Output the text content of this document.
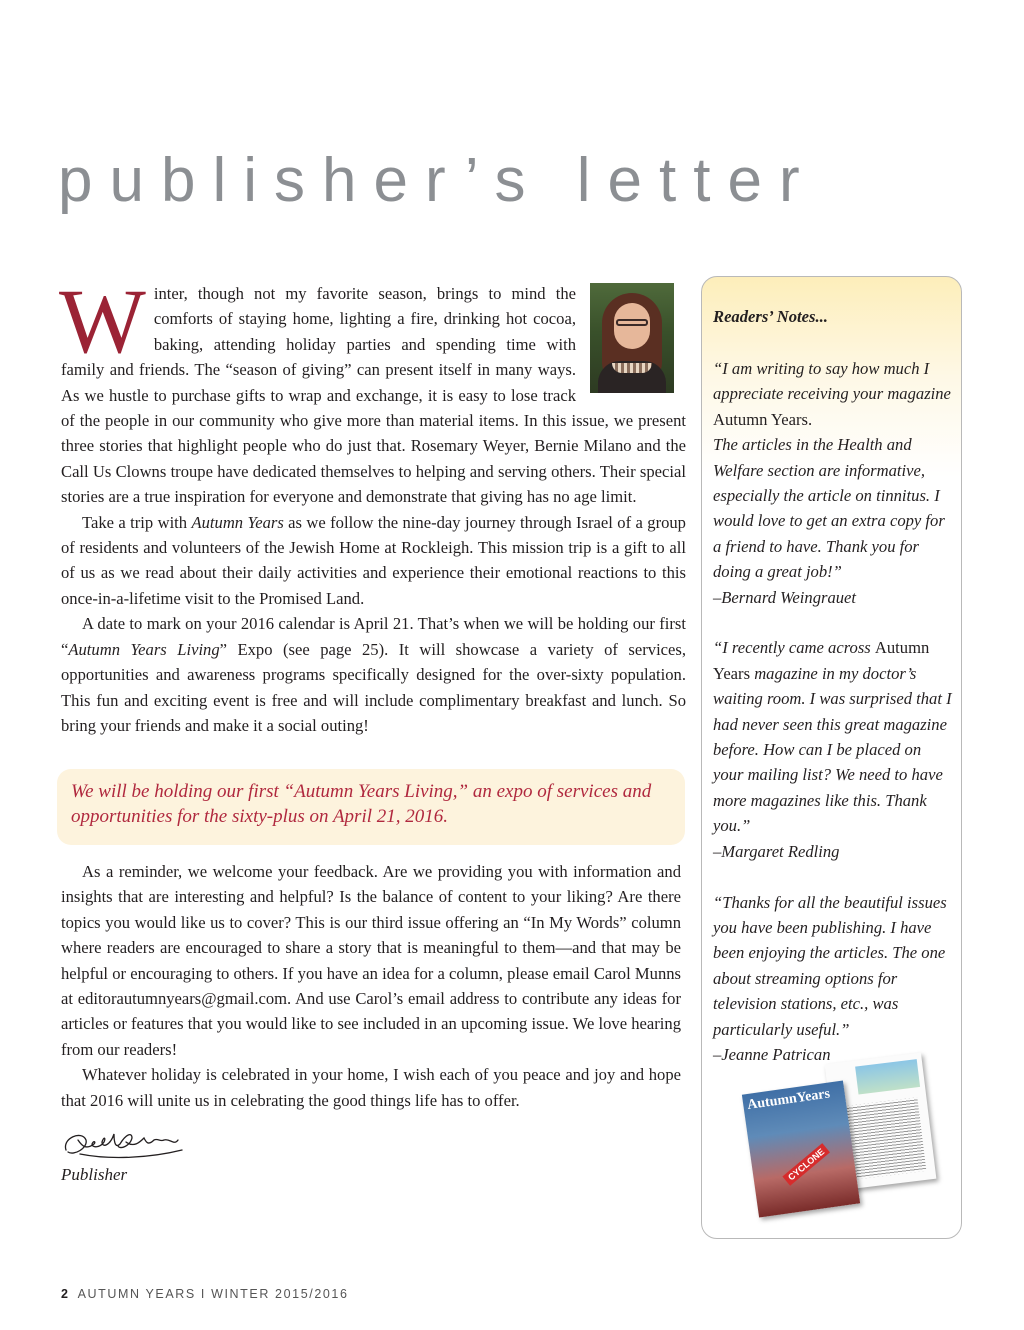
publisher’s letter
W inter, though not my favorite season, brings to mind the comforts of staying home, lighting a fire, drinking hot cocoa, baking, attending holiday parties and spending time with family and friends. The “season of giving” can present itself in many ways. As we hustle to purchase gifts to wrap and exchange, it is easy to lose track of the people in our community who give more than material items. In this issue, we present three stories that highlight people who do just that. Rosemary Weyer, Bernie Milano and the Call Us Clowns troupe have dedicated themselves to helping and serving others. Their special stories are a true inspiration for everyone and demonstrate that giving has no age limit.

Take a trip with Autumn Years as we follow the nine-day journey through Israel of a group of residents and volunteers of the Jewish Home at Rockleigh. This mission trip is a gift to all of us as we read about their daily activities and experience their emotional reactions to this once-in-a-lifetime visit to the Promised Land.

A date to mark on your 2016 calendar is April 21. That’s when we will be holding our first “Autumn Years Living” Expo (see page 25). It will showcase a variety of services, opportunities and awareness programs specifically designed for the over-sixty population. This fun and exciting event is free and will include complimentary breakfast and lunch. So bring your friends and make it a social outing!

We will be holding our first “Autumn Years Living,” an expo of services and opportunities for the sixty-plus on April 21, 2016.

As a reminder, we welcome your feedback. Are we providing you with information and insights that are interesting and helpful? Is the balance of content to your liking? Are there topics you would like us to cover? This is our third issue offering an “In My Words” column where readers are encouraged to share a story that is meaningful to them—and that may be helpful or encouraging to others. If you have an idea for a column, please email Carol Munns at editorautumnyears@gmail.com. And use Carol’s email address to contribute any ideas for articles or features that you would like to see included in an upcoming issue. We love hearing from our readers!

Whatever holiday is celebrated in your home, I wish each of you peace and joy and hope that 2016 will unite us in celebrating the good things life has to offer.

Publisher
Readers’ Notes...

“I am writing to say how much I appreciate receiving your magazine Autumn Years.
The articles in the Health and Welfare section are informative, especially the article on tinnitus. I would love to get an extra copy for a friend to have. Thank you for doing a great job!”
–Bernard Weingrauet

“I recently came across Autumn Years magazine in my doctor’s waiting room. I was surprised that I had never seen this great magazine before. How can I be placed on your mailing list? We need to have more magazines like this. Thank you.”
–Margaret Redling

“Thanks for all the beautiful issues you have been publishing. I have been enjoying the articles. The one about streaming options for television stations, etc., was particularly useful.”
–Jeanne Patrican

AutumnYears
CYCLONE
2 AUTUMN YEARS I WINTER 2015/2016
